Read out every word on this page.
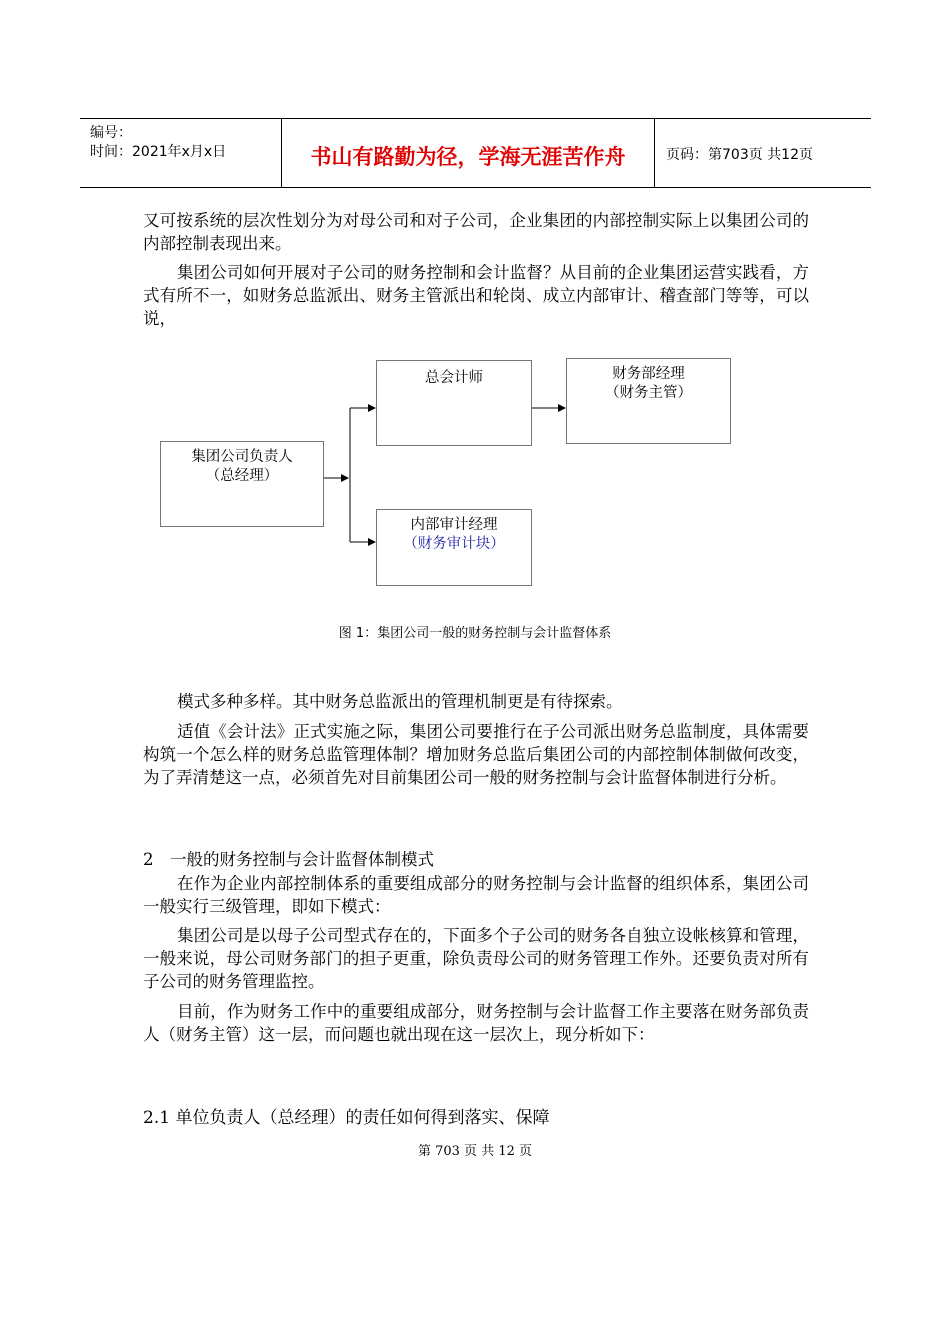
编号：
时间：2021年x月x日	书山有路勤为径，学海无涯苦作舟	页码：第703页 共12页
又可按系统的层次性划分为对母公司和对子公司，企业集团的内部控制实际上以集团公司的内部控制表现出来。
集团公司如何开展对子公司的财务控制和会计监督？从目前的企业集团运营实践看，方式有所不一，如财务总监派出、财务主管派出和轮岗、成立内部审计、稽查部门等等，可以说，
集团公司负责人
（总经理）
总会计师	财务部经理
（财务主管）
内部审计经理
（财务审计块）
图 1：集团公司一般的财务控制与会计监督体系
模式多种多样。其中财务总监派出的管理机制更是有待探索。
适值《会计法》正式实施之际，集团公司要推行在子公司派出财务总监制度，具体需要构筑一个怎么样的财务总监管理体制？增加财务总监后集团公司的内部控制体制做何改变，为了弄清楚这一点，必须首先对目前集团公司一般的财务控制与会计监督体制进行分析。
2　一般的财务控制与会计监督体制模式
在作为企业内部控制体系的重要组成部分的财务控制与会计监督的组织体系，集团公司一般实行三级管理，即如下模式：
集团公司是以母子公司型式存在的，下面多个子公司的财务各自独立设帐核算和管理，一般来说，母公司财务部门的担子更重，除负责母公司的财务管理工作外。还要负责对所有子公司的财务管理监控。
目前，作为财务工作中的重要组成部分，财务控制与会计监督工作主要落在财务部负责人（财务主管）这一层，而问题也就出现在这一层次上，现分析如下：
2.1 单位负责人（总经理）的责任如何得到落实、保障
第 703 页 共 12 页
